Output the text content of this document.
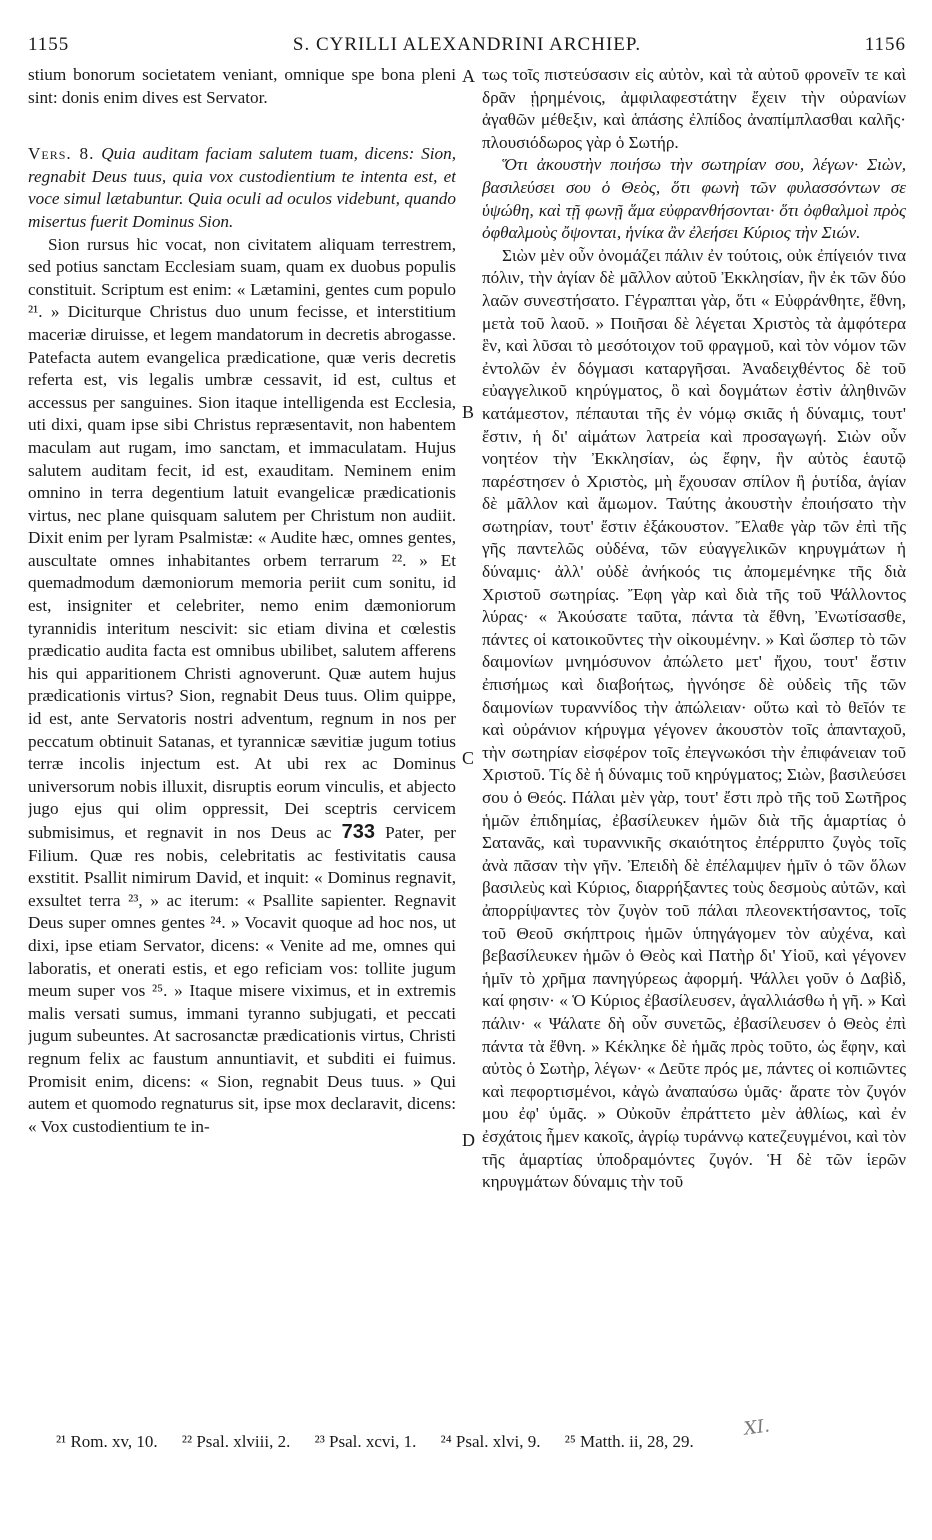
1155	S. CYRILLI ALEXANDRINI ARCHIEP.	1156

stium bonorum societatem veniant, omnique spe bona pleni sint: donis enim dives est Servator.

Vers. 8. Quia auditam faciam salutem tuam, dicens: Sion, regnabit Deus tuus, quia vox custodientium te intenta est, et voce simul lætabuntur. Quia oculi ad oculos videbunt, quando misertus fuerit Dominus Sion.

Sion rursus hic vocat, non civitatem aliquam terrestrem, sed potius sanctam Ecclesiam suam, quam ex duobus populis constituit. Scriptum est enim: « Lætamini, gentes cum populo ²¹. » Diciturque Christus duo unum fecisse, et interstitium maceriæ diruisse, et legem mandatorum in decretis abrogasse. Patefacta autem evangelica prædicatione, quæ veris decretis referta est, vis legalis umbræ cessavit, id est, cultus et accessus per sanguines. Sion itaque intelligenda est Ecclesia, uti dixi, quam ipse sibi Christus repræsentavit, non habentem maculam aut rugam, imo sanctam, et immaculatam. Hujus salutem auditam fecit, id est, exauditam. Neminem enim omnino in terra degentium latuit evangelicæ prædicationis virtus, nec plane quisquam salutem per Christum non audiit. Dixit enim per lyram Psalmistæ: « Audite hæc, omnes gentes, auscultate omnes inhabitantes orbem terrarum ²². » Et quemadmodum dæmoniorum memoria periit cum sonitu, id est, insigniter et celebriter, nemo enim dæmoniorum tyrannidis interitum nescivit: sic etiam divina et cœlestis prædicatio audita facta est omnibus ubilibet, salutem afferens his qui apparitionem Christi agnoverunt. Quæ autem hujus prædicationis virtus? Sion, regnabit Deus tuus. Olim quippe, id est, ante Servatoris nostri adventum, regnum in nos per peccatum obtinuit Satanas, et tyrannicæ sævitiæ jugum totius terræ incolis injectum est. At ubi rex ac Dominus universorum nobis illuxit, disruptis eorum vinculis, et abjecto jugo ejus qui olim oppressit, Dei sceptris cervicem submisimus, et regnavit in nos Deus ac 733 Pater, per Filium. Quæ res nobis, celebritatis ac festivitatis causa exstitit. Psallit nimirum David, et inquit: « Dominus regnavit, exsultet terra ²³, » ac iterum: « Psallite sapienter. Regnavit Deus super omnes gentes ²⁴. » Vocavit quoque ad hoc nos, ut dixi, ipse etiam Servator, dicens: « Venite ad me, omnes qui laboratis, et onerati estis, et ego reficiam vos: tollite jugum meum super vos ²⁵. » Itaque misere viximus, et in extremis malis versati sumus, immani tyranno subjugati, et peccati jugum subeuntes. At sacrosanctæ prædicationis virtus, Christi regnum felix ac faustum annuntiavit, et subditi ei fuimus. Promisit enim, dicens: « Sion, regnabit Deus tuus. » Qui autem et quomodo regnaturus sit, ipse mox declaravit, dicens: « Vox custodientium te in-

A
B
C
D

τως τοῖς πιστεύσασιν εἰς αὐτὸν, καὶ τὰ αὐτοῦ φρονεῖν τε καὶ δρᾶν ᾑρημένοις, ἀμφιλαφεστάτην ἔχειν τὴν οὐρανίων ἀγαθῶν μέθεξιν, καὶ ἁπάσης ἐλπίδος ἀναπίμπλασθαι καλῆς· πλουσιόδωρος γὰρ ὁ Σωτήρ.

Ὅτι ἀκουστὴν ποιήσω τὴν σωτηρίαν σου, λέγων· Σιὼν, βασιλεύσει σου ὁ Θεὸς, ὅτι φωνὴ τῶν φυλασσόντων σε ὑψώθη, καὶ τῇ φωνῇ ἅμα εὐφρανθήσονται· ὅτι ὀφθαλμοὶ πρὸς ὀφθαλμοὺς ὄψονται, ἡνίκα ἂν ἐλεήσει Κύριος τὴν Σιών.

Σιὼν μὲν οὖν ὀνομάζει πάλιν ἐν τούτοις, οὐκ ἐπίγειόν τινα πόλιν, τὴν ἁγίαν δὲ μᾶλλον αὐτοῦ Ἐκκλησίαν, ἣν ἐκ τῶν δύο λαῶν συνεστήσατο. Γέγραπται γὰρ, ὅτι « Εὐφράνθητε, ἔθνη, μετὰ τοῦ λαοῦ. » Ποιῆσαι δὲ λέγεται Χριστὸς τὰ ἀμφότερα ἓν, καὶ λῦσαι τὸ μεσότοιχον τοῦ φραγμοῦ, καὶ τὸν νόμον τῶν ἐντολῶν ἐν δόγμασι καταργῆσαι. Ἀναδειχθέντος δὲ τοῦ εὐαγγελικοῦ κηρύγματος, ὃ καὶ δογμάτων ἐστὶν ἀληθινῶν κατάμεστον, πέπαυται τῆς ἐν νόμῳ σκιᾶς ἡ δύναμις, τουτ' ἔστιν, ἡ δι' αἱμάτων λατρεία καὶ προσαγωγή. Σιὼν οὖν νοητέον τὴν Ἐκκλησίαν, ὡς ἔφην, ἣν αὐτὸς ἑαυτῷ παρέστησεν ὁ Χριστὸς, μὴ ἔχουσαν σπίλον ἢ ῥυτίδα, ἁγίαν δὲ μᾶλλον καὶ ἄμωμον. Ταύτης ἀκουστὴν ἐποιήσατο τὴν σωτηρίαν, τουτ' ἔστιν ἐξάκουστον. Ἔλαθε γὰρ τῶν ἐπὶ τῆς γῆς παντελῶς οὐδένα, τῶν εὐαγγελικῶν κηρυγμάτων ἡ δύναμις· ἀλλ' οὐδὲ ἀνήκοός τις ἀπομεμένηκε τῆς διὰ Χριστοῦ σωτηρίας. Ἔφη γὰρ καὶ διὰ τῆς τοῦ Ψάλλοντος λύρας· « Ἀκούσατε ταῦτα, πάντα τὰ ἔθνη, Ἐνωτίσασθε, πάντες οἱ κατοικοῦντες τὴν οἰκουμένην. » Καὶ ὥσπερ τὸ τῶν δαιμονίων μνημόσυνον ἀπώλετο μετ' ἤχου, τουτ' ἔστιν ἐπισήμως καὶ διαβοήτως, ἠγνόησε δὲ οὐδεὶς τῆς τῶν δαιμονίων τυραννίδος τὴν ἀπώλειαν· οὕτω καὶ τὸ θεῖόν τε καὶ οὐράνιον κήρυγμα γέγονεν ἀκουστὸν τοῖς ἁπανταχοῦ, τὴν σωτηρίαν εἰσφέρον τοῖς ἐπεγνωκόσι τὴν ἐπιφάνειαν τοῦ Χριστοῦ. Τίς δὲ ἡ δύναμις τοῦ κηρύγματος; Σιὼν, βασιλεύσει σου ὁ Θεός. Πάλαι μὲν γὰρ, τουτ' ἔστι πρὸ τῆς τοῦ Σωτῆρος ἡμῶν ἐπιδημίας, ἐβασίλευκεν ἡμῶν διὰ τῆς ἁμαρτίας ὁ Σατανᾶς, καὶ τυραννικῆς σκαιότητος ἐπέρριπτο ζυγὸς τοῖς ἀνὰ πᾶσαν τὴν γῆν. Ἐπειδὴ δὲ ἐπέλαμψεν ἡμῖν ὁ τῶν ὅλων βασιλεὺς καὶ Κύριος, διαρρήξαντες τοὺς δεσμοὺς αὐτῶν, καὶ ἀπορρίψαντες τὸν ζυγὸν τοῦ πάλαι πλεονεκτήσαντος, τοῖς τοῦ Θεοῦ σκήπτροις ἡμῶν ὑπηγάγομεν τὸν αὐχένα, καὶ βεβασίλευκεν ἡμῶν ὁ Θεὸς καὶ Πατὴρ δι' Υἱοῦ, καὶ γέγονεν ἡμῖν τὸ χρῆμα πανηγύρεως ἀφορμή. Ψάλλει γοῦν ὁ Δαβὶδ, καί φησιν· « Ὁ Κύριος ἐβασίλευσεν, ἀγαλλιάσθω ἡ γῆ. » Καὶ πάλιν· « Ψάλατε δὴ οὖν συνετῶς, ἐβασίλευσεν ὁ Θεὸς ἐπὶ πάντα τὰ ἔθνη. » Κέκληκε δὲ ἡμᾶς πρὸς τοῦτο, ὡς ἔφην, καὶ αὐτὸς ὁ Σωτὴρ, λέγων· « Δεῦτε πρός με, πάντες οἱ κοπιῶντες καὶ πεφορτισμένοι, κἀγὼ ἀναπαύσω ὑμᾶς· ἄρατε τὸν ζυγόν μου ἐφ' ὑμᾶς. » Οὐκοῦν ἐπράττετο μὲν ἀθλίως, καὶ ἐν ἐσχάτοις ἦμεν κακοῖς, ἀγρίῳ τυράννῳ κατεζευγμένοι, καὶ τὸν τῆς ἁμαρτίας ὑποδραμόντες ζυγόν. Ἡ δὲ τῶν ἱερῶν κηρυγμάτων δύναμις τὴν τοῦ

XI.
²¹ Rom. xv, 10. ²² Psal. xlviii, 2. ²³ Psal. xcvi, 1. ²⁴ Psal. xlvi, 9. ²⁵ Matth. ii, 28, 29.
